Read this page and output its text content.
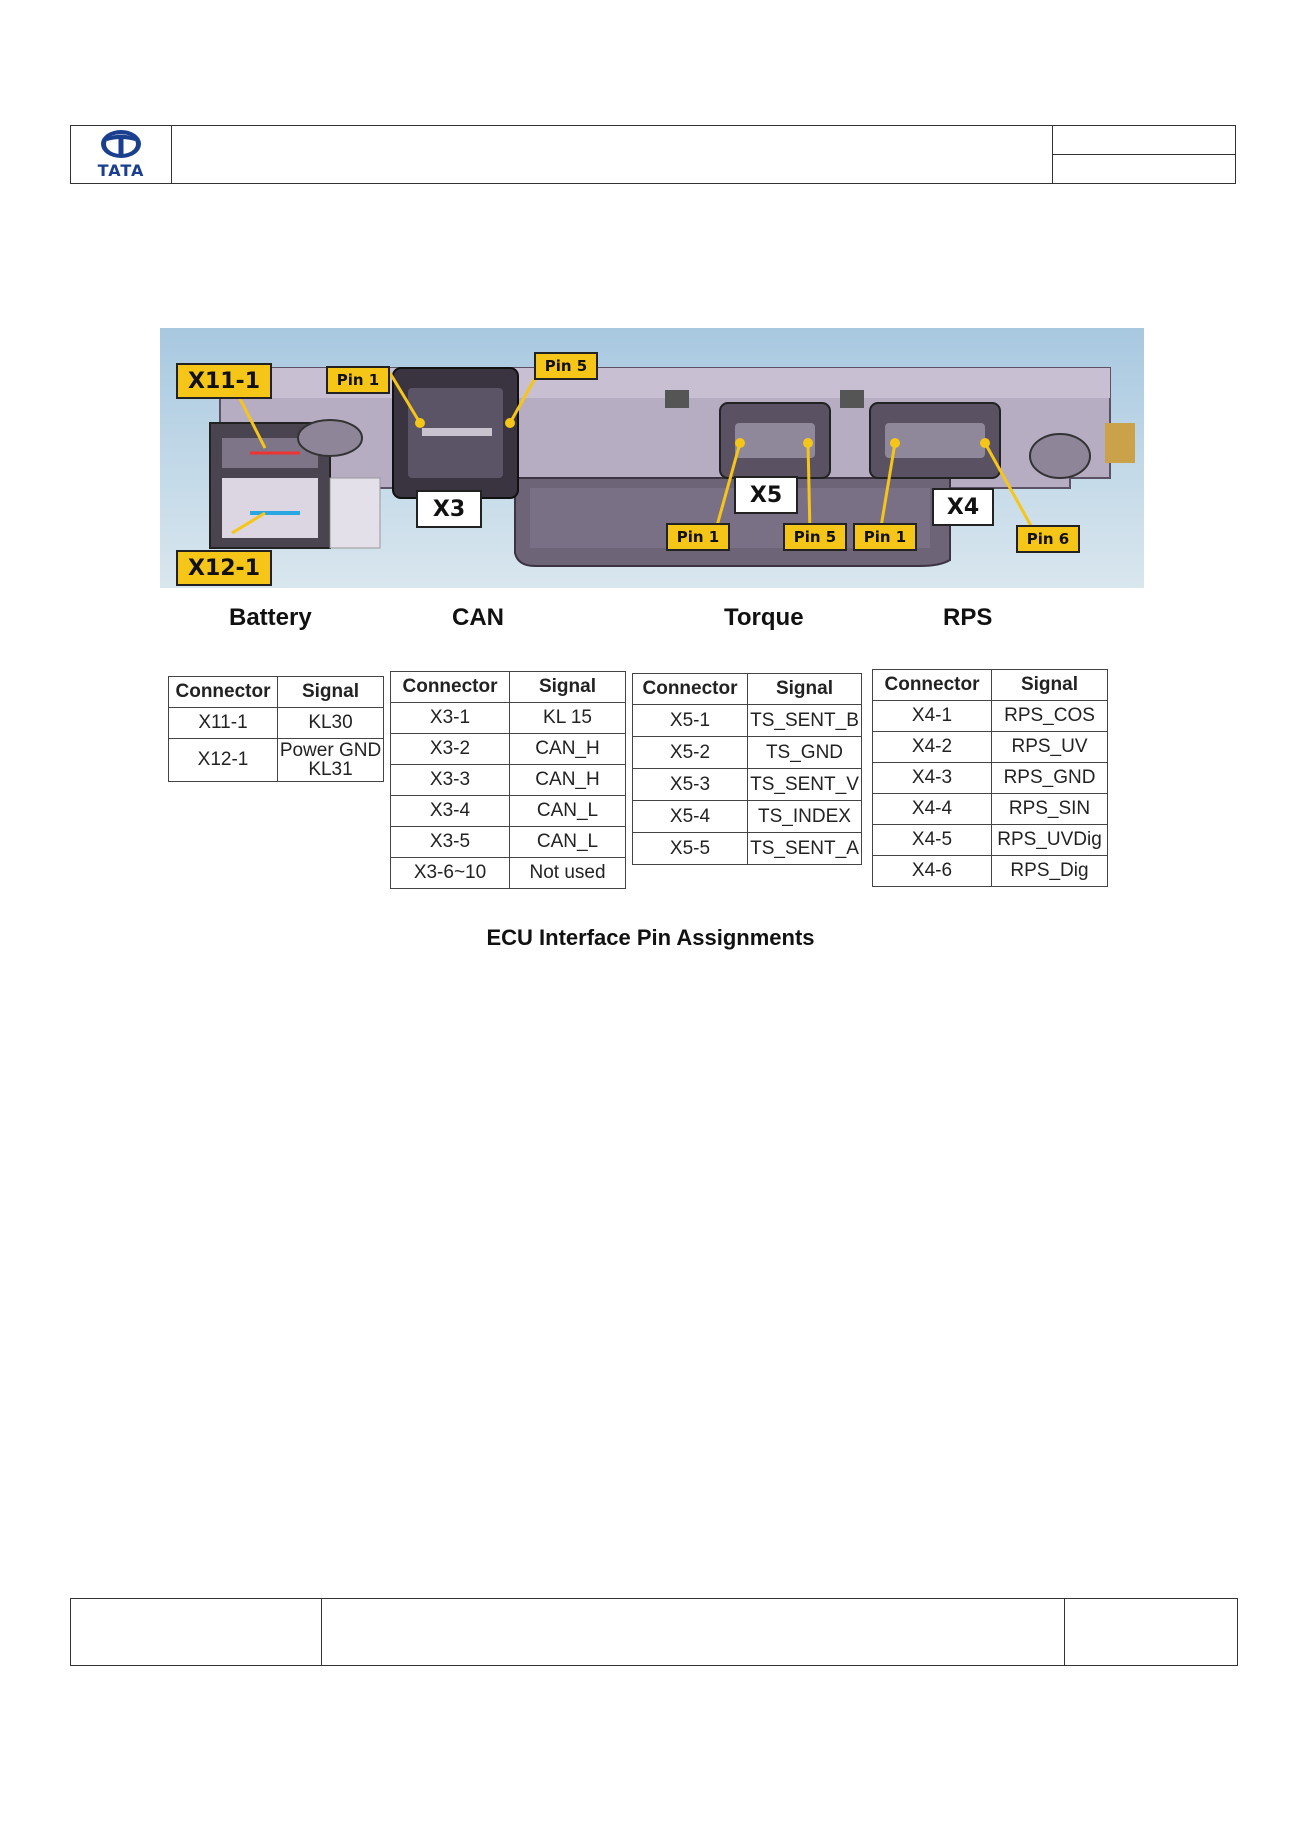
TATA
X11-1
X12-1
Pin 1
Pin 5
Pin 1	Pin 5	Pin 1	Pin 6
X3
X5	X4
Battery	CAN	Torque	RPS
Connector	Signal
X11-1	KL30
X12-1	Power GND
KL31
Connector	Signal
X3-1	KL 15
X3-2	CAN_H
X3-3	CAN_H
X3-4	CAN_L
X3-5	CAN_L
X3-6~10	Not used
Connector	Signal
X5-1	TS_SENT_B
X5-2	TS_GND
X5-3	TS_SENT_V
X5-4	TS_INDEX
X5-5	TS_SENT_A
Connector	Signal
X4-1	RPS_COS
X4-2	RPS_UV
X4-3	RPS_GND
X4-4	RPS_SIN
X4-5	RPS_UVDig
X4-6	RPS_Dig
ECU Interface Pin Assignments
